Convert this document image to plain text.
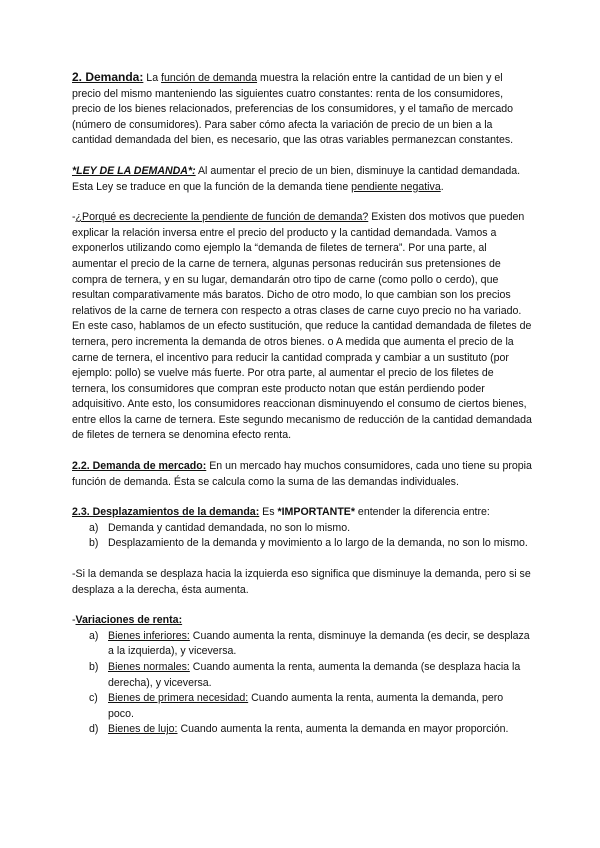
2. Demanda: La función de demanda muestra la relación entre la cantidad de un bien y el precio del mismo manteniendo las siguientes cuatro constantes: renta de los consumidores, precio de los bienes relacionados, preferencias de los consumidores, y el tamaño de mercado (número de consumidores). Para saber cómo afecta la variación de precio de un bien a la cantidad demandada del bien, es necesario, que las otras variables permanezcan constantes.

*LEY DE LA DEMANDA*: Al aumentar el precio de un bien, disminuye la cantidad demandada. Esta Ley se traduce en que la función de la demanda tiene pendiente negativa.

-¿Porqué es decreciente la pendiente de función de demanda? Existen dos motivos que pueden explicar la relación inversa entre el precio del producto y la cantidad demandada. Vamos a exponerlos utilizando como ejemplo la “demanda de filetes de ternera”. Por una parte, al aumentar el precio de la carne de ternera, algunas personas reducirán sus pretensiones de compra de ternera, y en su lugar, demandarán otro tipo de carne (como pollo o cerdo), que resultan comparativamente más baratos. Dicho de otro modo, lo que cambian son los precios relativos de la carne de ternera con respecto a otras clases de carne cuyo precio no ha variado. En este caso, hablamos de un efecto sustitución, que reduce la cantidad demandada de filetes de ternera, pero incrementa la demanda de otros bienes. o A medida que aumenta el precio de la carne de ternera, el incentivo para reducir la cantidad comprada y cambiar a un sustituto (por ejemplo: pollo) se vuelve más fuerte. Por otra parte, al aumentar el precio de los filetes de ternera, los consumidores que compran este producto notan que están perdiendo poder adquisitivo. Ante esto, los consumidores reaccionan disminuyendo el consumo de ciertos bienes, entre ellos la carne de ternera. Este segundo mecanismo de reducción de la cantidad demandada de filetes de ternera se denomina efecto renta.

2.2. Demanda de mercado: En un mercado hay muchos consumidores, cada uno tiene su propia función de demanda. Ésta se calcula como la suma de las demandas individuales.

2.3. Desplazamientos de la demanda: Es *IMPORTANTE* entender la diferencia entre:

a) Demanda y cantidad demandada, no son lo mismo.
b) Desplazamiento de la demanda y movimiento a lo largo de la demanda, no son lo mismo.

-Si la demanda se desplaza hacia la izquierda eso significa que disminuye la demanda, pero si se desplaza a la derecha, ésta aumenta.

-Variaciones de renta:

a) Bienes inferiores: Cuando aumenta la renta, disminuye la demanda (es decir, se desplaza a la izquierda), y viceversa.
b) Bienes normales: Cuando aumenta la renta, aumenta la demanda (se desplaza hacia la derecha), y viceversa.
c) Bienes de primera necesidad: Cuando aumenta la renta, aumenta la demanda, pero poco.
d) Bienes de lujo: Cuando aumenta la renta, aumenta la demanda en mayor proporción.
